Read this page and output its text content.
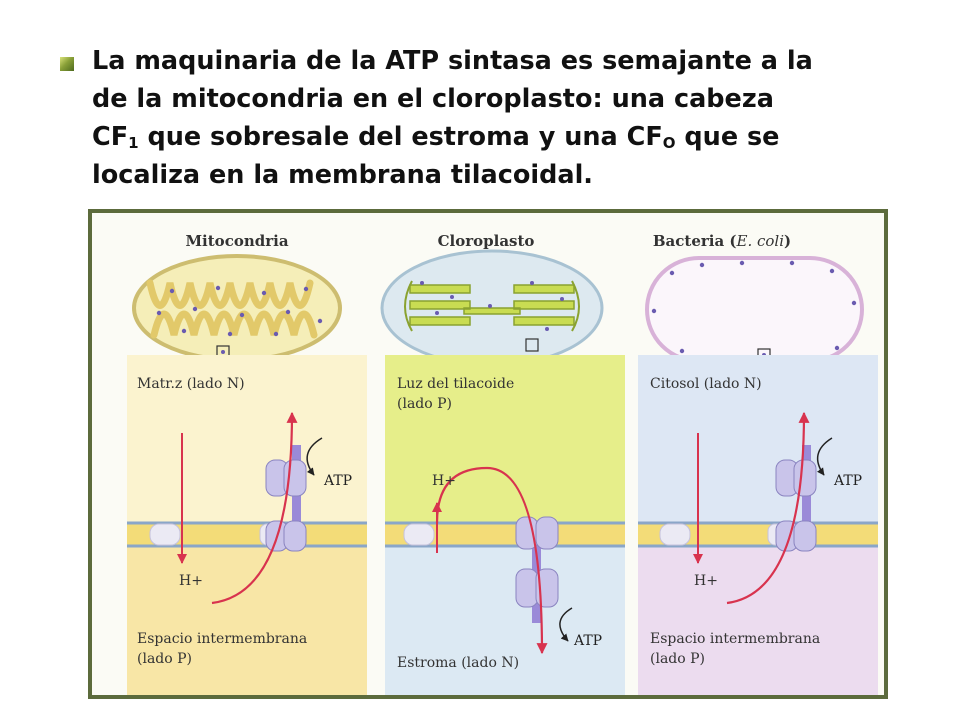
La maquinaria de la ATP sintasa es semajante a la
de la mitocondria en el cloroplasto: una cabeza
$CF_1$ que sobresale del estroma y una $CF_O$ que se
localiza en la membrana tilacoidal.

Mitocondria	Cloroplasto	Bacteria (E. coli)
Matr.z (lado N)
ATP
H+
Espacio intermembrana
(lado P)
Luz del tilacoide
(lado P)
H+
ATP
Estroma (lado N)
Citosol (lado N)
ATP
H+
Espacio intermembrana
(lado P)
